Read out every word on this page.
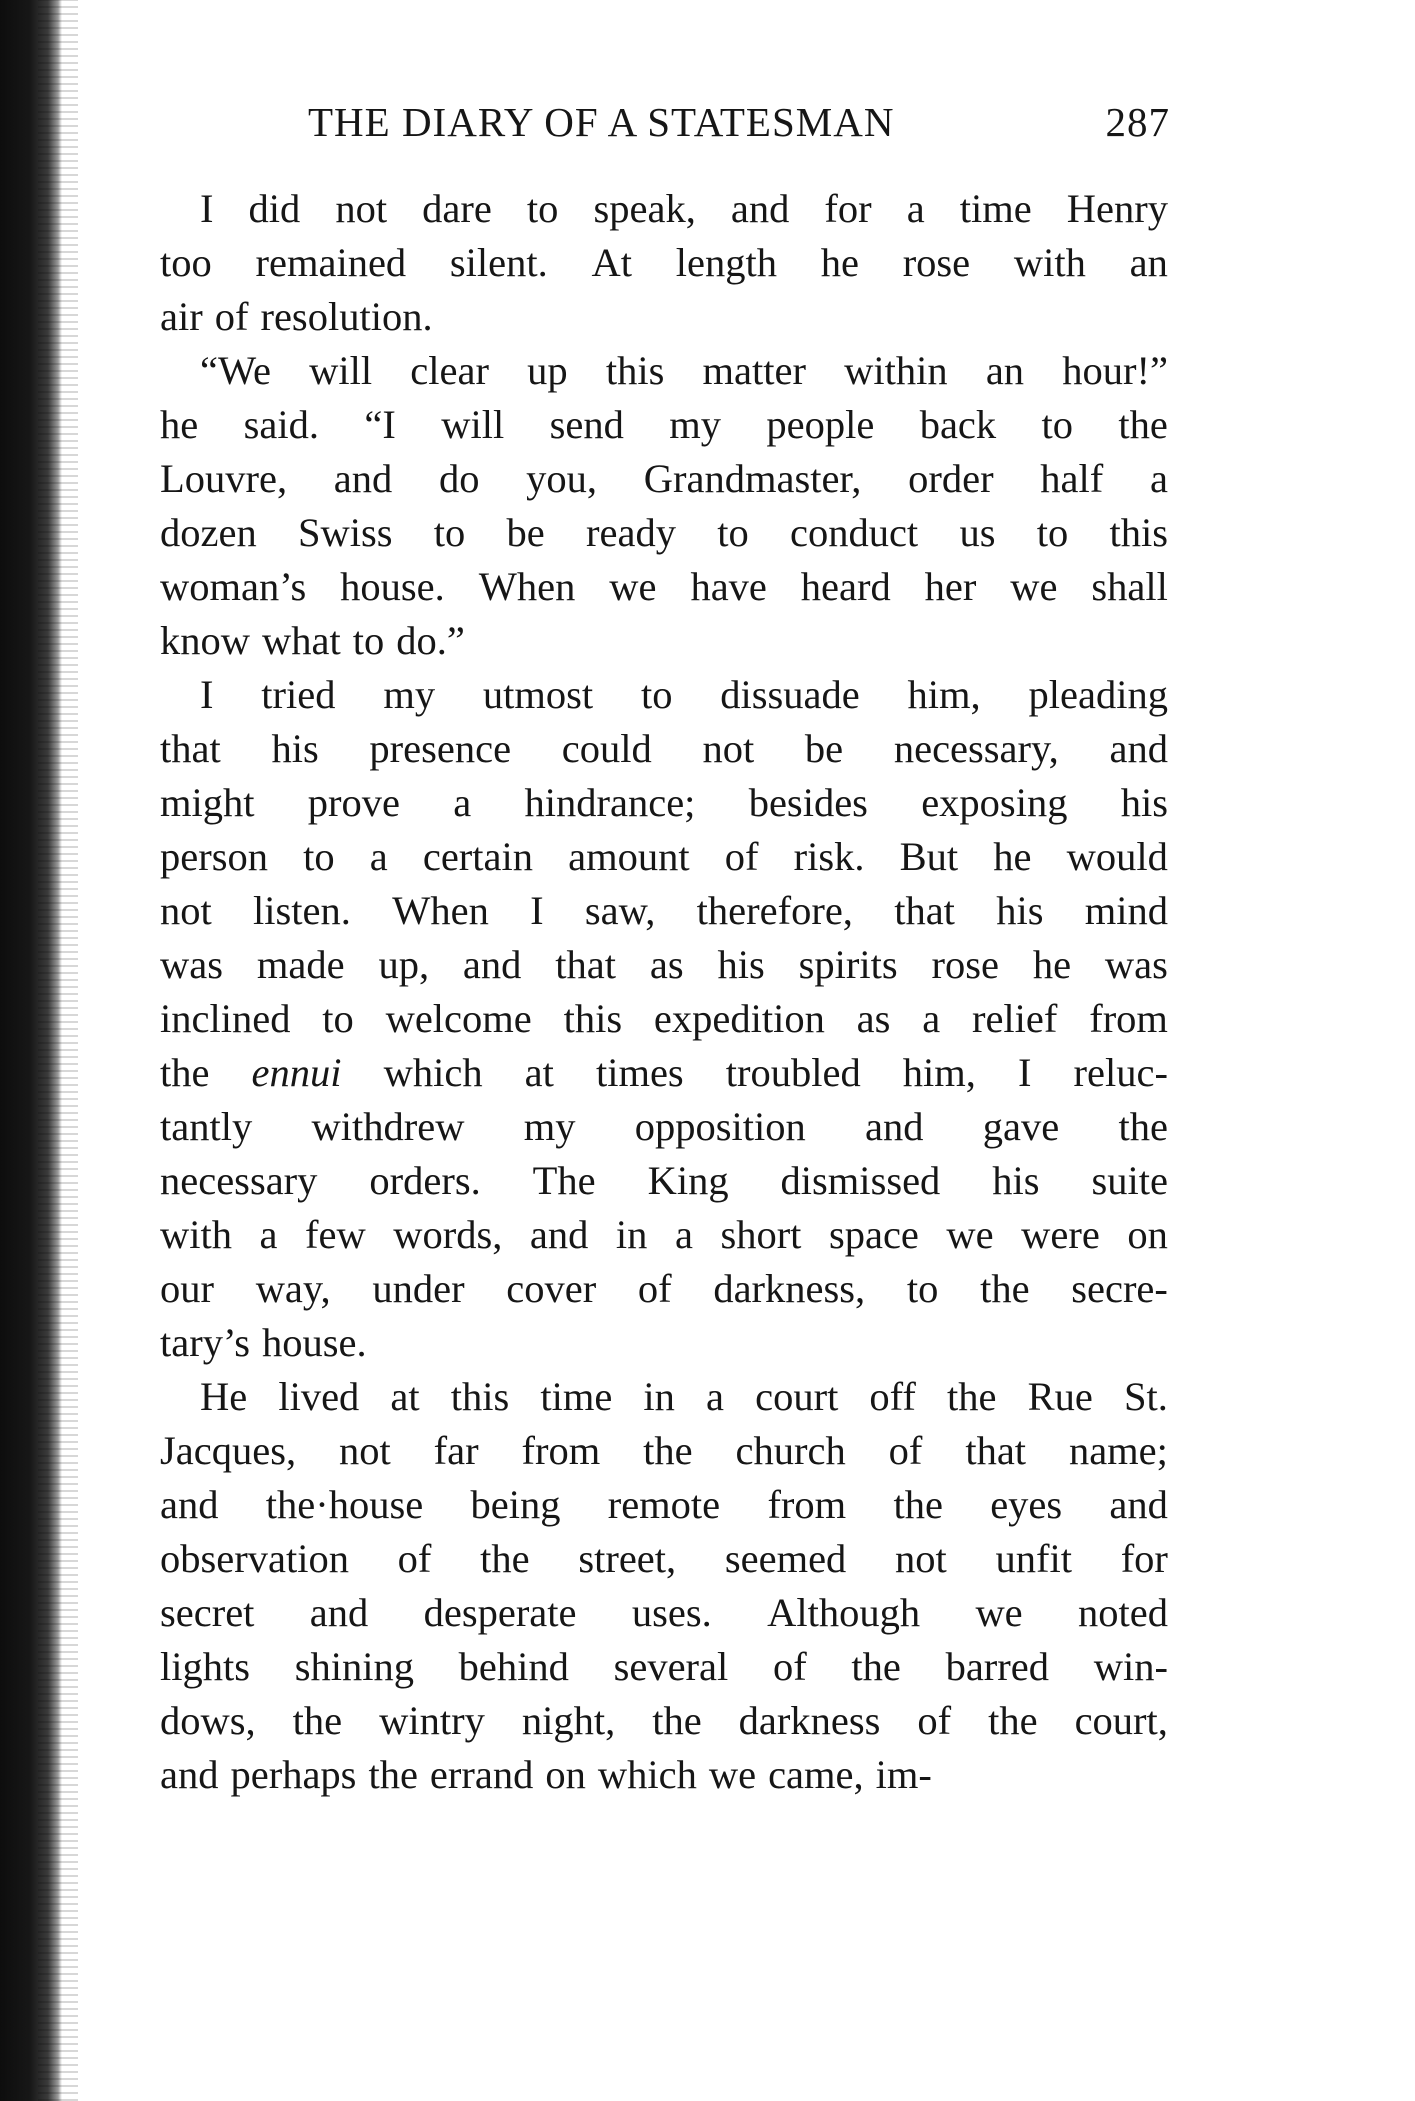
THE DIARY OF A STATESMAN	287
I did not dare to speak, and for a time Henry
too remained silent. At length he rose with an
air of resolution.
“We will clear up this matter within an hour!”
he said. “I will send my people back to the
Louvre, and do you, Grandmaster, order half a
dozen Swiss to be ready to conduct us to this
woman’s house. When we have heard her we shall
know what to do.”
I tried my utmost to dissuade him, pleading
that his presence could not be necessary, and
might prove a hindrance; besides exposing his
person to a certain amount of risk. But he would
not listen. When I saw, therefore, that his mind
was made up, and that as his spirits rose he was
inclined to welcome this expedition as a relief from
the ennui which at times troubled him, I reluc-
tantly withdrew my opposition and gave the
necessary orders. The King dismissed his suite
with a few words, and in a short space we were on
our way, under cover of darkness, to the secre-
tary’s house.
He lived at this time in a court off the Rue St.
Jacques, not far from the church of that name;
and the·house being remote from the eyes and
observation of the street, seemed not unfit for
secret and desperate uses. Although we noted
lights shining behind several of the barred win-
dows, the wintry night, the darkness of the court,
and perhaps the errand on which we came, im-
